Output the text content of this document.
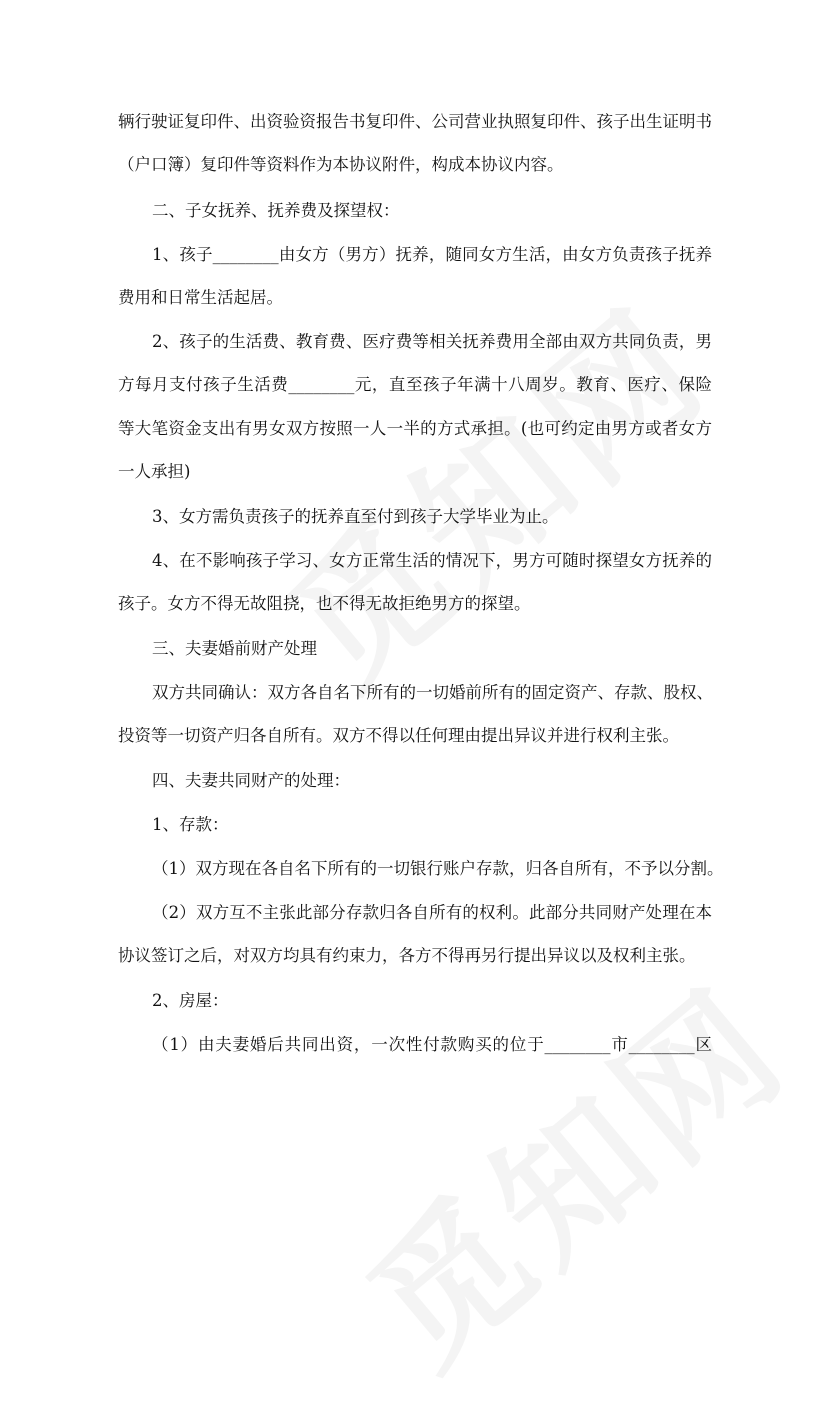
辆行驶证复印件、出资验资报告书复印件、公司营业执照复印件、孩子出生证明书
（户口簿）复印件等资料作为本协议附件，构成本协议内容。
二、子女抚养、抚养费及探望权：
1、孩子________由女方（男方）抚养，随同女方生活，由女方负责孩子抚养
费用和日常生活起居。
2、孩子的生活费、教育费、医疗费等相关抚养费用全部由双方共同负责，男
方每月支付孩子生活费________元，直至孩子年满十八周岁。教育、医疗、保险
等大笔资金支出有男女双方按照一人一半的方式承担。(也可约定由男方或者女方
一人承担)
3、女方需负责孩子的抚养直至付到孩子大学毕业为止。
4、在不影响孩子学习、女方正常生活的情况下，男方可随时探望女方抚养的
孩子。女方不得无故阻挠，也不得无故拒绝男方的探望。
三、夫妻婚前财产处理
双方共同确认：双方各自名下所有的一切婚前所有的固定资产、存款、股权、
投资等一切资产归各自所有。双方不得以任何理由提出异议并进行权利主张。
四、夫妻共同财产的处理：
1、存款：
（1）双方现在各自名下所有的一切银行账户存款，归各自所有，不予以分割。
（2）双方互不主张此部分存款归各自所有的权利。此部分共同财产处理在本
协议签订之后，对双方均具有约束力，各方不得再另行提出异议以及权利主张。
2、房屋：
（1）由夫妻婚后共同出资，一次性付款购买的位于________市________区
